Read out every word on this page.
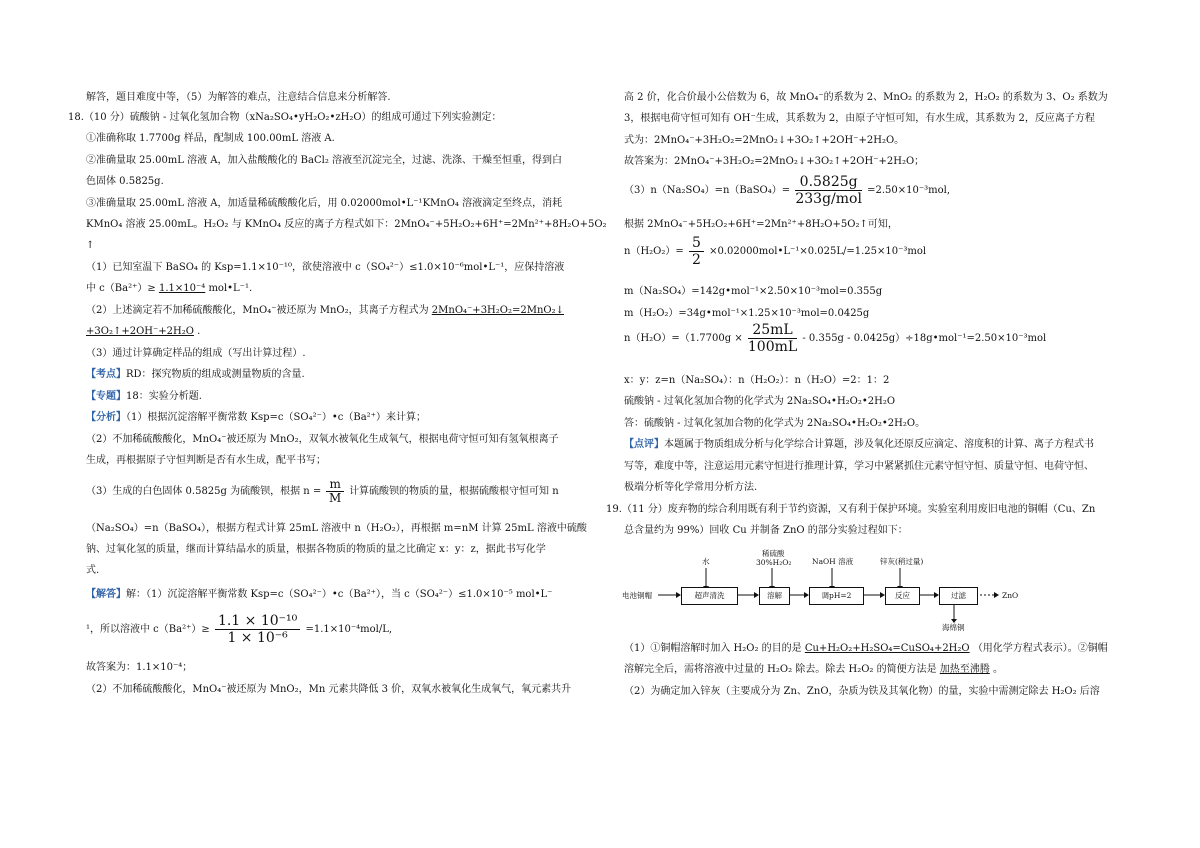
解答，题目难度中等，（5）为解答的难点，注意结合信息来分析解答.
18.（10 分）硫酸钠 - 过氧化氢加合物（xNa₂SO₄•yH₂O₂•zH₂O）的组成可通过下列实验测定：
①准确称取 1.7700g 样品，配制成 100.00mL 溶液 A.
②准确量取 25.00mL 溶液 A，加入盐酸酸化的 BaCl₂ 溶液至沉淀完全，过滤、洗涤、干燥至恒重，得到白
色固体 0.5825g.
③准确量取 25.00mL 溶液 A，加适量稀硫酸酸化后，用 0.02000mol•L⁻¹KMnO₄ 溶液滴定至终点，消耗
KMnO₄ 溶液 25.00mL。H₂O₂ 与 KMnO₄ 反应的离子方程式如下：2MnO₄⁻+5H₂O₂+6H⁺=2Mn²⁺+8H₂O+5O₂
↑
（1）已知室温下 BaSO₄ 的 Ksp=1.1×10⁻¹⁰，欲使溶液中 c（SO₄²⁻）≤1.0×10⁻⁶mol•L⁻¹，应保持溶液
中 c（Ba²⁺）≥ 1.1×10⁻⁴ mol•L⁻¹.
（2）上述滴定若不加稀硫酸酸化，MnO₄⁻被还原为 MnO₂，其离子方程式为 2MnO₄⁻+3H₂O₂=2MnO₂↓
+3O₂↑+2OH⁻+2H₂O .
（3）通过计算确定样品的组成（写出计算过程）.
【考点】RD：探究物质的组成或测量物质的含量.
【专题】18：实验分析题.
【分析】（1）根据沉淀溶解平衡常数 Ksp=c（SO₄²⁻）•c（Ba²⁺）来计算；
（2）不加稀硫酸酸化，MnO₄⁻被还原为 MnO₂，双氧水被氧化生成氧气，根据电荷守恒可知有氢氧根离子
生成，再根据原子守恒判断是否有水生成，配平书写；
（3）生成的白色固体 0.5825g 为硫酸钡，根据 $n = \frac{m}{M}$ 计算硫酸钡的物质的量，根据硫酸根守恒可知 n
（Na₂SO₄）=n（BaSO₄），根据方程式计算 25mL 溶液中 n（H₂O₂），再根据 m=nM 计算 25mL 溶液中硫酸
钠、过氧化氢的质量，继而计算结晶水的质量，根据各物质的物质的量之比确定 x：y：z，据此书写化学
式.
【解答】解：（1）沉淀溶解平衡常数 Ksp=c（SO₄²⁻）•c（Ba²⁺），当 c（SO₄²⁻）≤1.0×10⁻⁵ mol•L⁻
¹，所以溶液中 $c(Ba^{2+})\ge \frac{\text{1.1 × 10⁻¹⁰}}{\text{1 × 10⁻⁶}} =1.1\times 10^{-4}mol/L$,
故答案为：1.1×10⁻⁴；
（2）不加稀硫酸酸化，MnO₄⁻被还原为 MnO₂，Mn 元素共降低 3 价，双氧水被氧化生成氧气，氧元素共升
高 2 价，化合价最小公倍数为 6，故 MnO₄⁻的系数为 2、MnO₂ 的系数为 2，H₂O₂ 的系数为 3、O₂ 系数为
3，根据电荷守恒可知有 OH⁻生成，其系数为 2，由原子守恒可知，有水生成，其系数为 2，反应离子方程
式为：2MnO₄⁻+3H₂O₂=2MnO₂↓+3O₂↑+2OH⁻+2H₂O。
故答案为：2MnO₄⁻+3H₂O₂=2MnO₂↓+3O₂↑+2OH⁻+2H₂O；
（3）n（Na₂SO₄）=n（BaSO₄）= $\frac{0.5825g}{\text{233g/mol}} =2.50\times 10^{-3}mol$,
根据 2MnO₄⁻+5H₂O₂+6H⁺=2Mn²⁺+8H₂O+5O₂↑可知，
$n(H_2O_2)= \frac{5}{2}$ ×0.02000mol•L⁻¹×0.025L/=1.25×10⁻³mol
m（Na₂SO₄）=142g•mol⁻¹×2.50×10⁻³mol=0.355g
m（H₂O₂）=34g•mol⁻¹×1.25×10⁻³mol=0.0425g
$n(H_2O)=(1.7700g \times \frac{25mL}{100mL} - 0.355g$ - 0.0425g）÷18g•mol⁻¹=2.50×10⁻³mol
x：y：z=n（Na₂SO₄）：n（H₂O₂）：n（H₂O）=2：1：2
硫酸钠 - 过氧化氢加合物的化学式为 2Na₂SO₄•H₂O₂•2H₂O
答：硫酸钠 - 过氧化氢加合物的化学式为 2Na₂SO₄•H₂O₂•2H₂O。
【点评】本题属于物质组成分析与化学综合计算题，涉及氧化还原反应滴定、溶度积的计算、离子方程式书
写等，难度中等，注意运用元素守恒进行推理计算，学习中紧紧抓住元素守恒守恒、质量守恒、电荷守恒、
极端分析等化学常用分析方法.
19.（11 分）废弃物的综合利用既有利于节约资源，又有利于保护环境。实验室利用废旧电池的铜帽（Cu、Zn
总含量约为 99%）回收 Cu 并制备 ZnO 的部分实验过程如下：
电池铜帽
水
稀硫酸
30%H₂O₂	NaOH 溶液	锌灰(稍过量)
超声清洗	溶解	调pH=2	反应	过滤
海绵铜
ZnO
（1）①铜帽溶解时加入 H₂O₂ 的目的是 Cu+H₂O₂+H₂SO₄=CuSO₄+2H₂O （用化学方程式表示）。②铜帽
溶解完全后，需将溶液中过量的 H₂O₂ 除去。除去 H₂O₂ 的简便方法是 加热至沸腾 。
（2）为确定加入锌灰（主要成分为 Zn、ZnO，杂质为铁及其氧化物）的量，实验中需测定除去 H₂O₂ 后溶
